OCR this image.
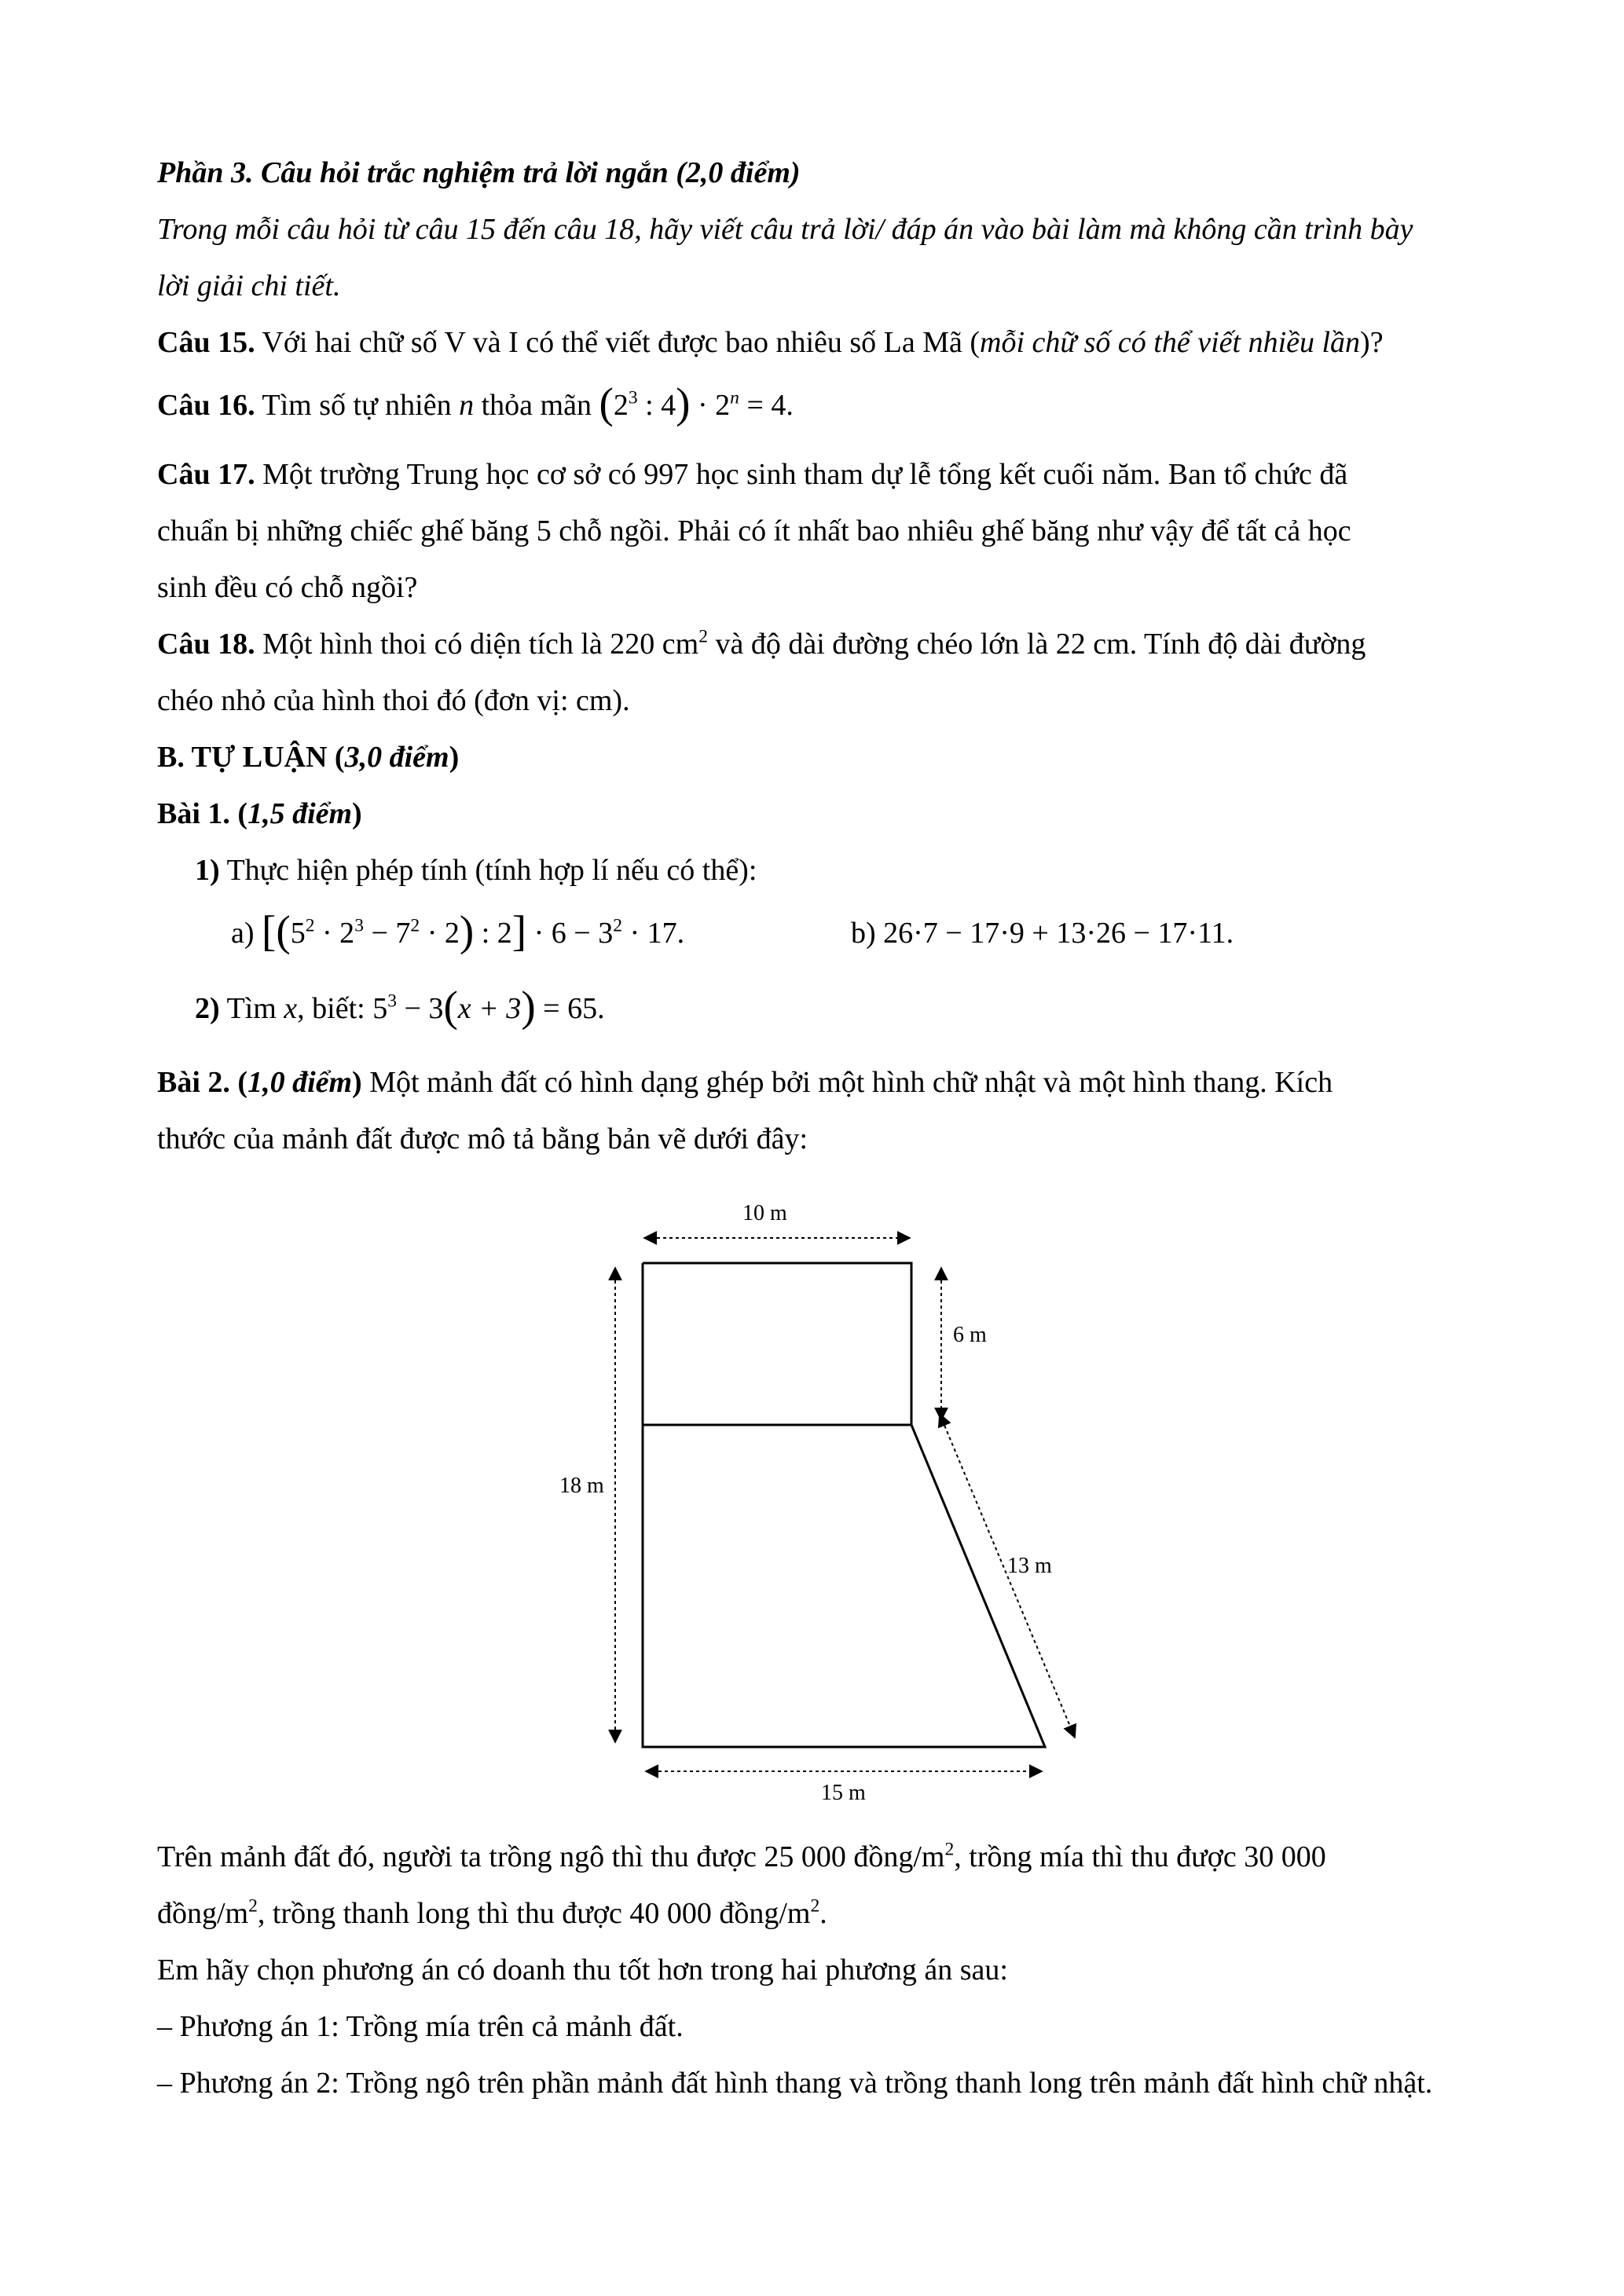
Phần 3. Câu hỏi trắc nghiệm trả lời ngắn (2,0 điểm)
Trong mỗi câu hỏi từ câu 15 đến câu 18, hãy viết câu trả lời/ đáp án vào bài làm mà không cần trình bày
lời giải chi tiết.
Câu 15. Với hai chữ số V và I có thể viết được bao nhiêu số La Mã (mỗi chữ số có thể viết nhiều lần)?
Câu 16. Tìm số tự nhiên n thỏa mãn ($2^3$ : $4) \cdot 2^n = 4$.
Câu 17. Một trường Trung học cơ sở có 997 học sinh tham dự lễ tổng kết cuối năm. Ban tổ chức đã
chuẩn bị những chiếc ghế băng 5 chỗ ngồi. Phải có ít nhất bao nhiêu ghế băng như vậy để tất cả học
sinh đều có chỗ ngồi?
Câu 18. Một hình thoi có diện tích là 220 $cm^2$ và độ dài đường chéo lớn là 22 cm. Tính độ dài đường
chéo nhỏ của hình thoi đó (đơn vị: cm).
B. TỰ LUẬN (3,0 điểm)
Bài 1. (1,5 điểm)
1) Thực hiện phép tính (tính hợp lí nếu có thể):
a) [$(5^2 \cdot 2^3 - 7^2 \cdot 2)$ : $2] \cdot 6 - 3^2 \cdot 17$.	b) 26·7 − 17·9 + 13·26 − 17·11.
2) Tìm x, biết: $5^3 - 3(x + 3) = 65$.
Bài 2. (1,0 điểm) Một mảnh đất có hình dạng ghép bởi một hình chữ nhật và một hình thang. Kích
thước của mảnh đất được mô tả bằng bản vẽ dưới đây:
10 m
6 m
18 m
13 m
15 m
Trên mảnh đất đó, người ta trồng ngô thì thu được 25 000 đồng/$m^2$, trồng mía thì thu được 30 000
đồng/$m^2$, trồng thanh long thì thu được 40 000 đồng/$m^2$.
Em hãy chọn phương án có doanh thu tốt hơn trong hai phương án sau:
– Phương án 1: Trồng mía trên cả mảnh đất.
– Phương án 2: Trồng ngô trên phần mảnh đất hình thang và trồng thanh long trên mảnh đất hình chữ nhật.
